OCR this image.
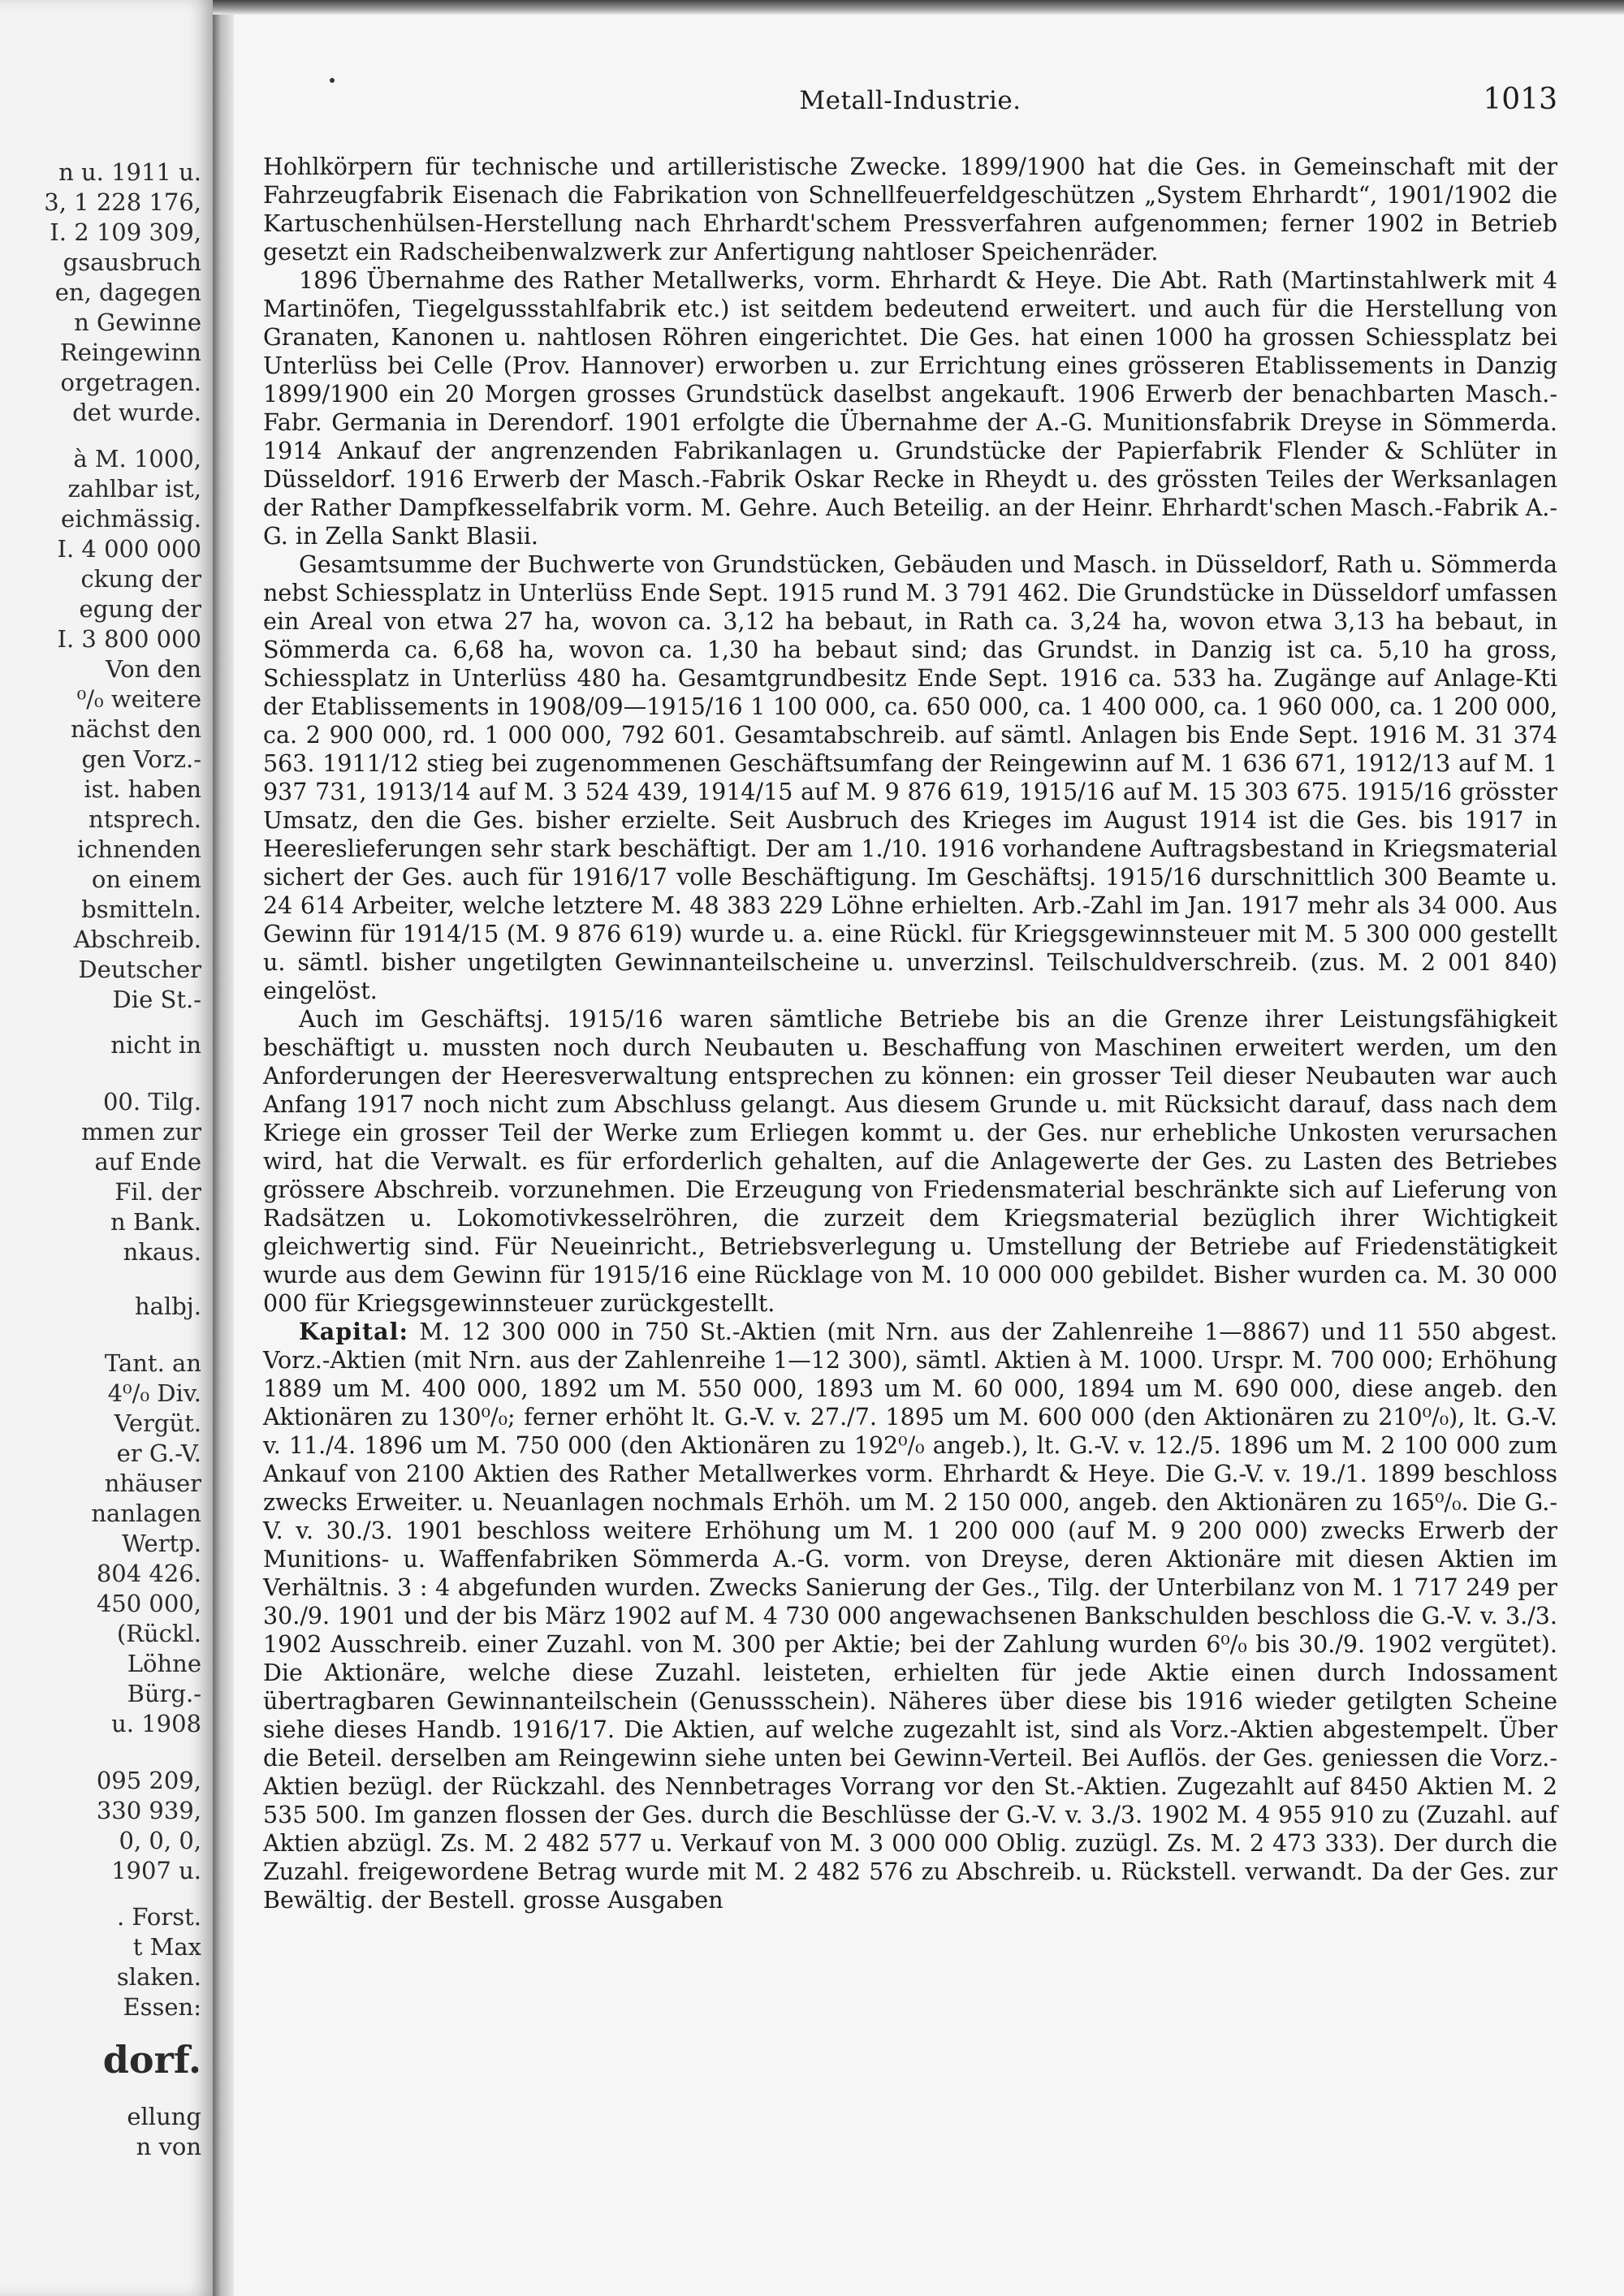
n u. 1911 u.
3, 1 228 176,
I. 2 109 309,
gsausbruch
en, dagegen
n Gewinne
Reingewinn
orgetragen.
det wurde.
à M. 1000,
zahlbar ist,
eichmässig.
I. 4 000 000
ckung der
egung der
I. 3 800 000
Von den
⁰/₀ weitere
nächst den
gen Vorz.-
ist. haben
ntsprech.
ichnenden
on einem
bsmitteln.
Abschreib.
Deutscher
Die St.-
nicht in
00. Tilg.
mmen zur
auf Ende
Fil. der
n Bank.
nkaus.
halbj.
Tant. an
4⁰/₀ Div.
Vergüt.
er G.-V.
nhäuser
nanlagen
Wertp.
804 426.
450 000,
(Rückl.
Löhne
Bürg.-
u. 1908
095 209,
330 939,
0, 0, 0,
1907 u.
. Forst.
t Max
slaken.
Essen:
dorf.
ellung
n von
Metall-Industrie.	1013

Hohlkörpern für technische und artilleristische Zwecke. 1899/1900 hat die Ges. in Gemeinschaft mit der Fahrzeugfabrik Eisenach die Fabrikation von Schnellfeuerfeldgeschützen „System Ehrhardt“, 1901/1902 die Kartuschenhülsen-Herstellung nach Ehrhardt'schem Pressverfahren aufgenommen; ferner 1902 in Betrieb gesetzt ein Radscheibenwalzwerk zur Anfertigung nahtloser Speichenräder.

1896 Übernahme des Rather Metallwerks, vorm. Ehrhardt & Heye. Die Abt. Rath (Martinstahlwerk mit 4 Martinöfen, Tiegelgussstahlfabrik etc.) ist seitdem bedeutend erweitert. und auch für die Herstellung von Granaten, Kanonen u. nahtlosen Röhren eingerichtet. Die Ges. hat einen 1000 ha grossen Schiessplatz bei Unterlüss bei Celle (Prov. Hannover) erworben u. zur Errichtung eines grösseren Etablissements in Danzig 1899/1900 ein 20 Morgen grosses Grundstück daselbst angekauft. 1906 Erwerb der benachbarten Masch.-Fabr. Germania in Derendorf. 1901 erfolgte die Übernahme der A.-G. Munitionsfabrik Dreyse in Sömmerda. 1914 Ankauf der angrenzenden Fabrikanlagen u. Grundstücke der Papierfabrik Flender & Schlüter in Düsseldorf. 1916 Erwerb der Masch.-Fabrik Oskar Recke in Rheydt u. des grössten Teiles der Werksanlagen der Rather Dampfkesselfabrik vorm. M. Gehre. Auch Beteilig. an der Heinr. Ehrhardt'schen Masch.-Fabrik A.-G. in Zella Sankt Blasii.

Gesamtsumme der Buchwerte von Grundstücken, Gebäuden und Masch. in Düsseldorf, Rath u. Sömmerda nebst Schiessplatz in Unterlüss Ende Sept. 1915 rund M. 3 791 462. Die Grundstücke in Düsseldorf umfassen ein Areal von etwa 27 ha, wovon ca. 3,12 ha bebaut, in Rath ca. 3,24 ha, wovon etwa 3,13 ha bebaut, in Sömmerda ca. 6,68 ha, wovon ca. 1,30 ha bebaut sind; das Grundst. in Danzig ist ca. 5,10 ha gross, Schiessplatz in Unterlüss 480 ha. Gesamtgrundbesitz Ende Sept. 1916 ca. 533 ha. Zugänge auf Anlage-Kti der Etablissements in 1908/09—1915/16 1 100 000, ca. 650 000, ca. 1 400 000, ca. 1 960 000, ca. 1 200 000, ca. 2 900 000, rd. 1 000 000, 792 601. Gesamtabschreib. auf sämtl. Anlagen bis Ende Sept. 1916 M. 31 374 563. 1911/12 stieg bei zugenommenen Geschäftsumfang der Reingewinn auf M. 1 636 671, 1912/13 auf M. 1 937 731, 1913/14 auf M. 3 524 439, 1914/15 auf M. 9 876 619, 1915/16 auf M. 15 303 675. 1915/16 grösster Umsatz, den die Ges. bisher erzielte. Seit Ausbruch des Krieges im August 1914 ist die Ges. bis 1917 in Heereslieferungen sehr stark beschäftigt. Der am 1./10. 1916 vorhandene Auftragsbestand in Kriegsmaterial sichert der Ges. auch für 1916/17 volle Beschäftigung. Im Geschäftsj. 1915/16 durschnittlich 300 Beamte u. 24 614 Arbeiter, welche letztere M. 48 383 229 Löhne erhielten. Arb.-Zahl im Jan. 1917 mehr als 34 000. Aus Gewinn für 1914/15 (M. 9 876 619) wurde u. a. eine Rückl. für Kriegsgewinnsteuer mit M. 5 300 000 gestellt u. sämtl. bisher ungetilgten Gewinnanteilscheine u. unverzinsl. Teilschuldverschreib. (zus. M. 2 001 840) eingelöst.

Auch im Geschäftsj. 1915/16 waren sämtliche Betriebe bis an die Grenze ihrer Leistungsfähigkeit beschäftigt u. mussten noch durch Neubauten u. Beschaffung von Maschinen erweitert werden, um den Anforderungen der Heeresverwaltung entsprechen zu können: ein grosser Teil dieser Neubauten war auch Anfang 1917 noch nicht zum Abschluss gelangt. Aus diesem Grunde u. mit Rücksicht darauf, dass nach dem Kriege ein grosser Teil der Werke zum Erliegen kommt u. der Ges. nur erhebliche Unkosten verursachen wird, hat die Verwalt. es für erforderlich gehalten, auf die Anlagewerte der Ges. zu Lasten des Betriebes grössere Abschreib. vorzunehmen. Die Erzeugung von Friedensmaterial beschränkte sich auf Lieferung von Radsätzen u. Lokomotivkesselröhren, die zurzeit dem Kriegsmaterial bezüglich ihrer Wichtigkeit gleichwertig sind. Für Neueinricht., Betriebsverlegung u. Umstellung der Betriebe auf Friedenstätigkeit wurde aus dem Gewinn für 1915/16 eine Rücklage von M. 10 000 000 gebildet. Bisher wurden ca. M. 30 000 000 für Kriegsgewinnsteuer zurückgestellt.

Kapital: M. 12 300 000 in 750 St.-Aktien (mit Nrn. aus der Zahlenreihe 1—8867) und 11 550 abgest. Vorz.-Aktien (mit Nrn. aus der Zahlenreihe 1—12 300), sämtl. Aktien à M. 1000. Urspr. M. 700 000; Erhöhung 1889 um M. 400 000, 1892 um M. 550 000, 1893 um M. 60 000, 1894 um M. 690 000, diese angeb. den Aktionären zu 130⁰/₀; ferner erhöht lt. G.-V. v. 27./7. 1895 um M. 600 000 (den Aktionären zu 210⁰/₀), lt. G.-V. v. 11./4. 1896 um M. 750 000 (den Aktionären zu 192⁰/₀ angeb.), lt. G.-V. v. 12./5. 1896 um M. 2 100 000 zum Ankauf von 2100 Aktien des Rather Metallwerkes vorm. Ehrhardt & Heye. Die G.-V. v. 19./1. 1899 beschloss zwecks Erweiter. u. Neuanlagen nochmals Erhöh. um M. 2 150 000, angeb. den Aktionären zu 165⁰/₀. Die G.-V. v. 30./3. 1901 beschloss weitere Erhöhung um M. 1 200 000 (auf M. 9 200 000) zwecks Erwerb der Munitions- u. Waffenfabriken Sömmerda A.-G. vorm. von Dreyse, deren Aktionäre mit diesen Aktien im Verhältnis. 3 : 4 abgefunden wurden. Zwecks Sanierung der Ges., Tilg. der Unterbilanz von M. 1 717 249 per 30./9. 1901 und der bis März 1902 auf M. 4 730 000 angewachsenen Bankschulden beschloss die G.-V. v. 3./3. 1902 Ausschreib. einer Zuzahl. von M. 300 per Aktie; bei der Zahlung wurden 6⁰/₀ bis 30./9. 1902 vergütet). Die Aktionäre, welche diese Zuzahl. leisteten, erhielten für jede Aktie einen durch Indossament übertragbaren Gewinnanteilschein (Genussschein). Näheres über diese bis 1916 wieder getilgten Scheine siehe dieses Handb. 1916/17. Die Aktien, auf welche zugezahlt ist, sind als Vorz.-Aktien abgestempelt. Über die Beteil. derselben am Reingewinn siehe unten bei Gewinn-Verteil. Bei Auflös. der Ges. geniessen die Vorz.-Aktien bezügl. der Rückzahl. des Nennbetrages Vorrang vor den St.-Aktien. Zugezahlt auf 8450 Aktien M. 2 535 500. Im ganzen flossen der Ges. durch die Beschlüsse der G.-V. v. 3./3. 1902 M. 4 955 910 zu (Zuzahl. auf Aktien abzügl. Zs. M. 2 482 577 u. Verkauf von M. 3 000 000 Oblig. zuzügl. Zs. M. 2 473 333). Der durch die Zuzahl. freigewordene Betrag wurde mit M. 2 482 576 zu Abschreib. u. Rückstell. verwandt. Da der Ges. zur Bewältig. der Bestell. grosse Ausgaben
